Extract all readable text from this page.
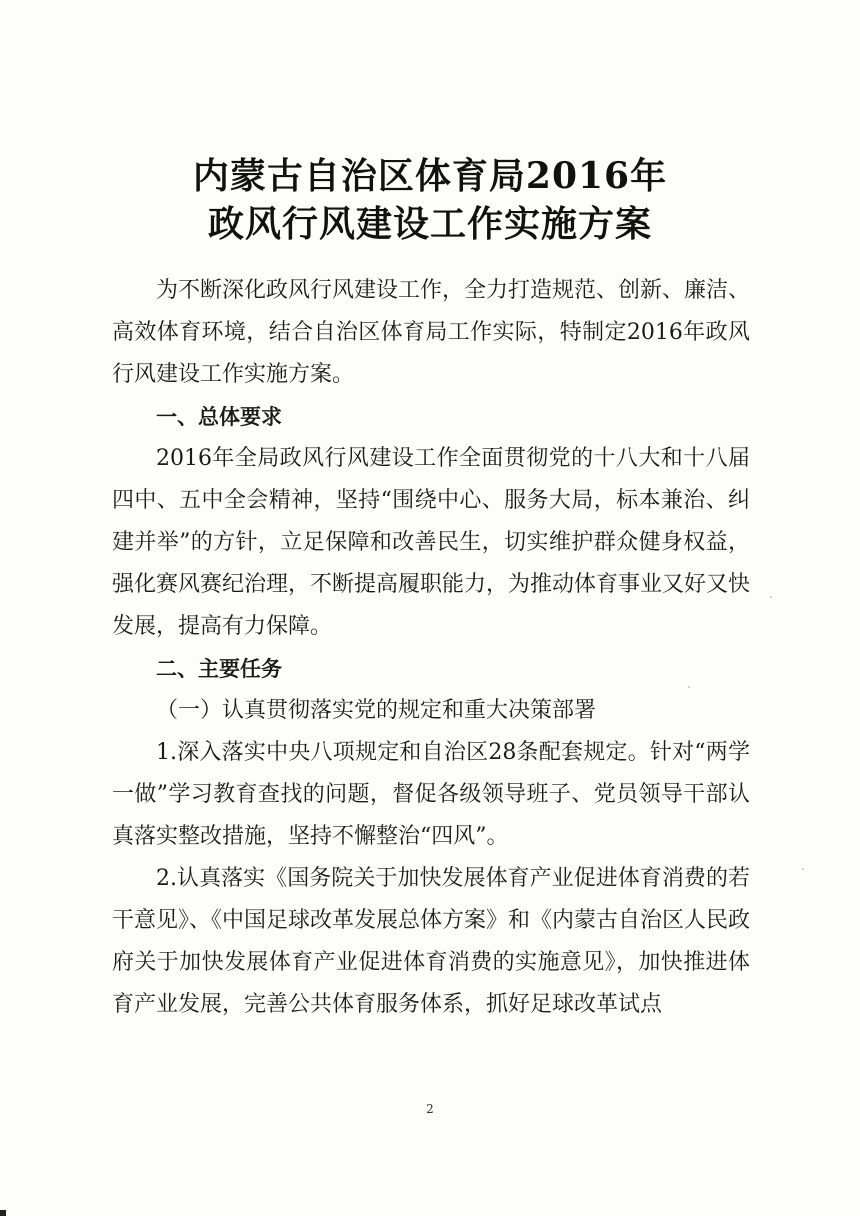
内蒙古自治区体育局2016年
政风行风建设工作实施方案

为不断深化政风行风建设工作，全力打造规范、创新、廉洁、高效体育环境，结合自治区体育局工作实际，特制定2016年政风行风建设工作实施方案。

一、总体要求

2016年全局政风行风建设工作全面贯彻党的十八大和十八届四中、五中全会精神，坚持“围绕中心、服务大局，标本兼治、纠建并举”的方针，立足保障和改善民生，切实维护群众健身权益，强化赛风赛纪治理，不断提高履职能力，为推动体育事业又好又快发展，提高有力保障。

二、主要任务

（一）认真贯彻落实党的规定和重大决策部署

1.深入落实中央八项规定和自治区28条配套规定。针对“两学一做”学习教育查找的问题，督促各级领导班子、党员领导干部认真落实整改措施，坚持不懈整治“四风”。

2.认真落实《国务院关于加快发展体育产业促进体育消费的若干意见》、《中国足球改革发展总体方案》和《内蒙古自治区人民政府关于加快发展体育产业促进体育消费的实施意见》，加快推进体育产业发展，完善公共体育服务体系，抓好足球改革试点

2
